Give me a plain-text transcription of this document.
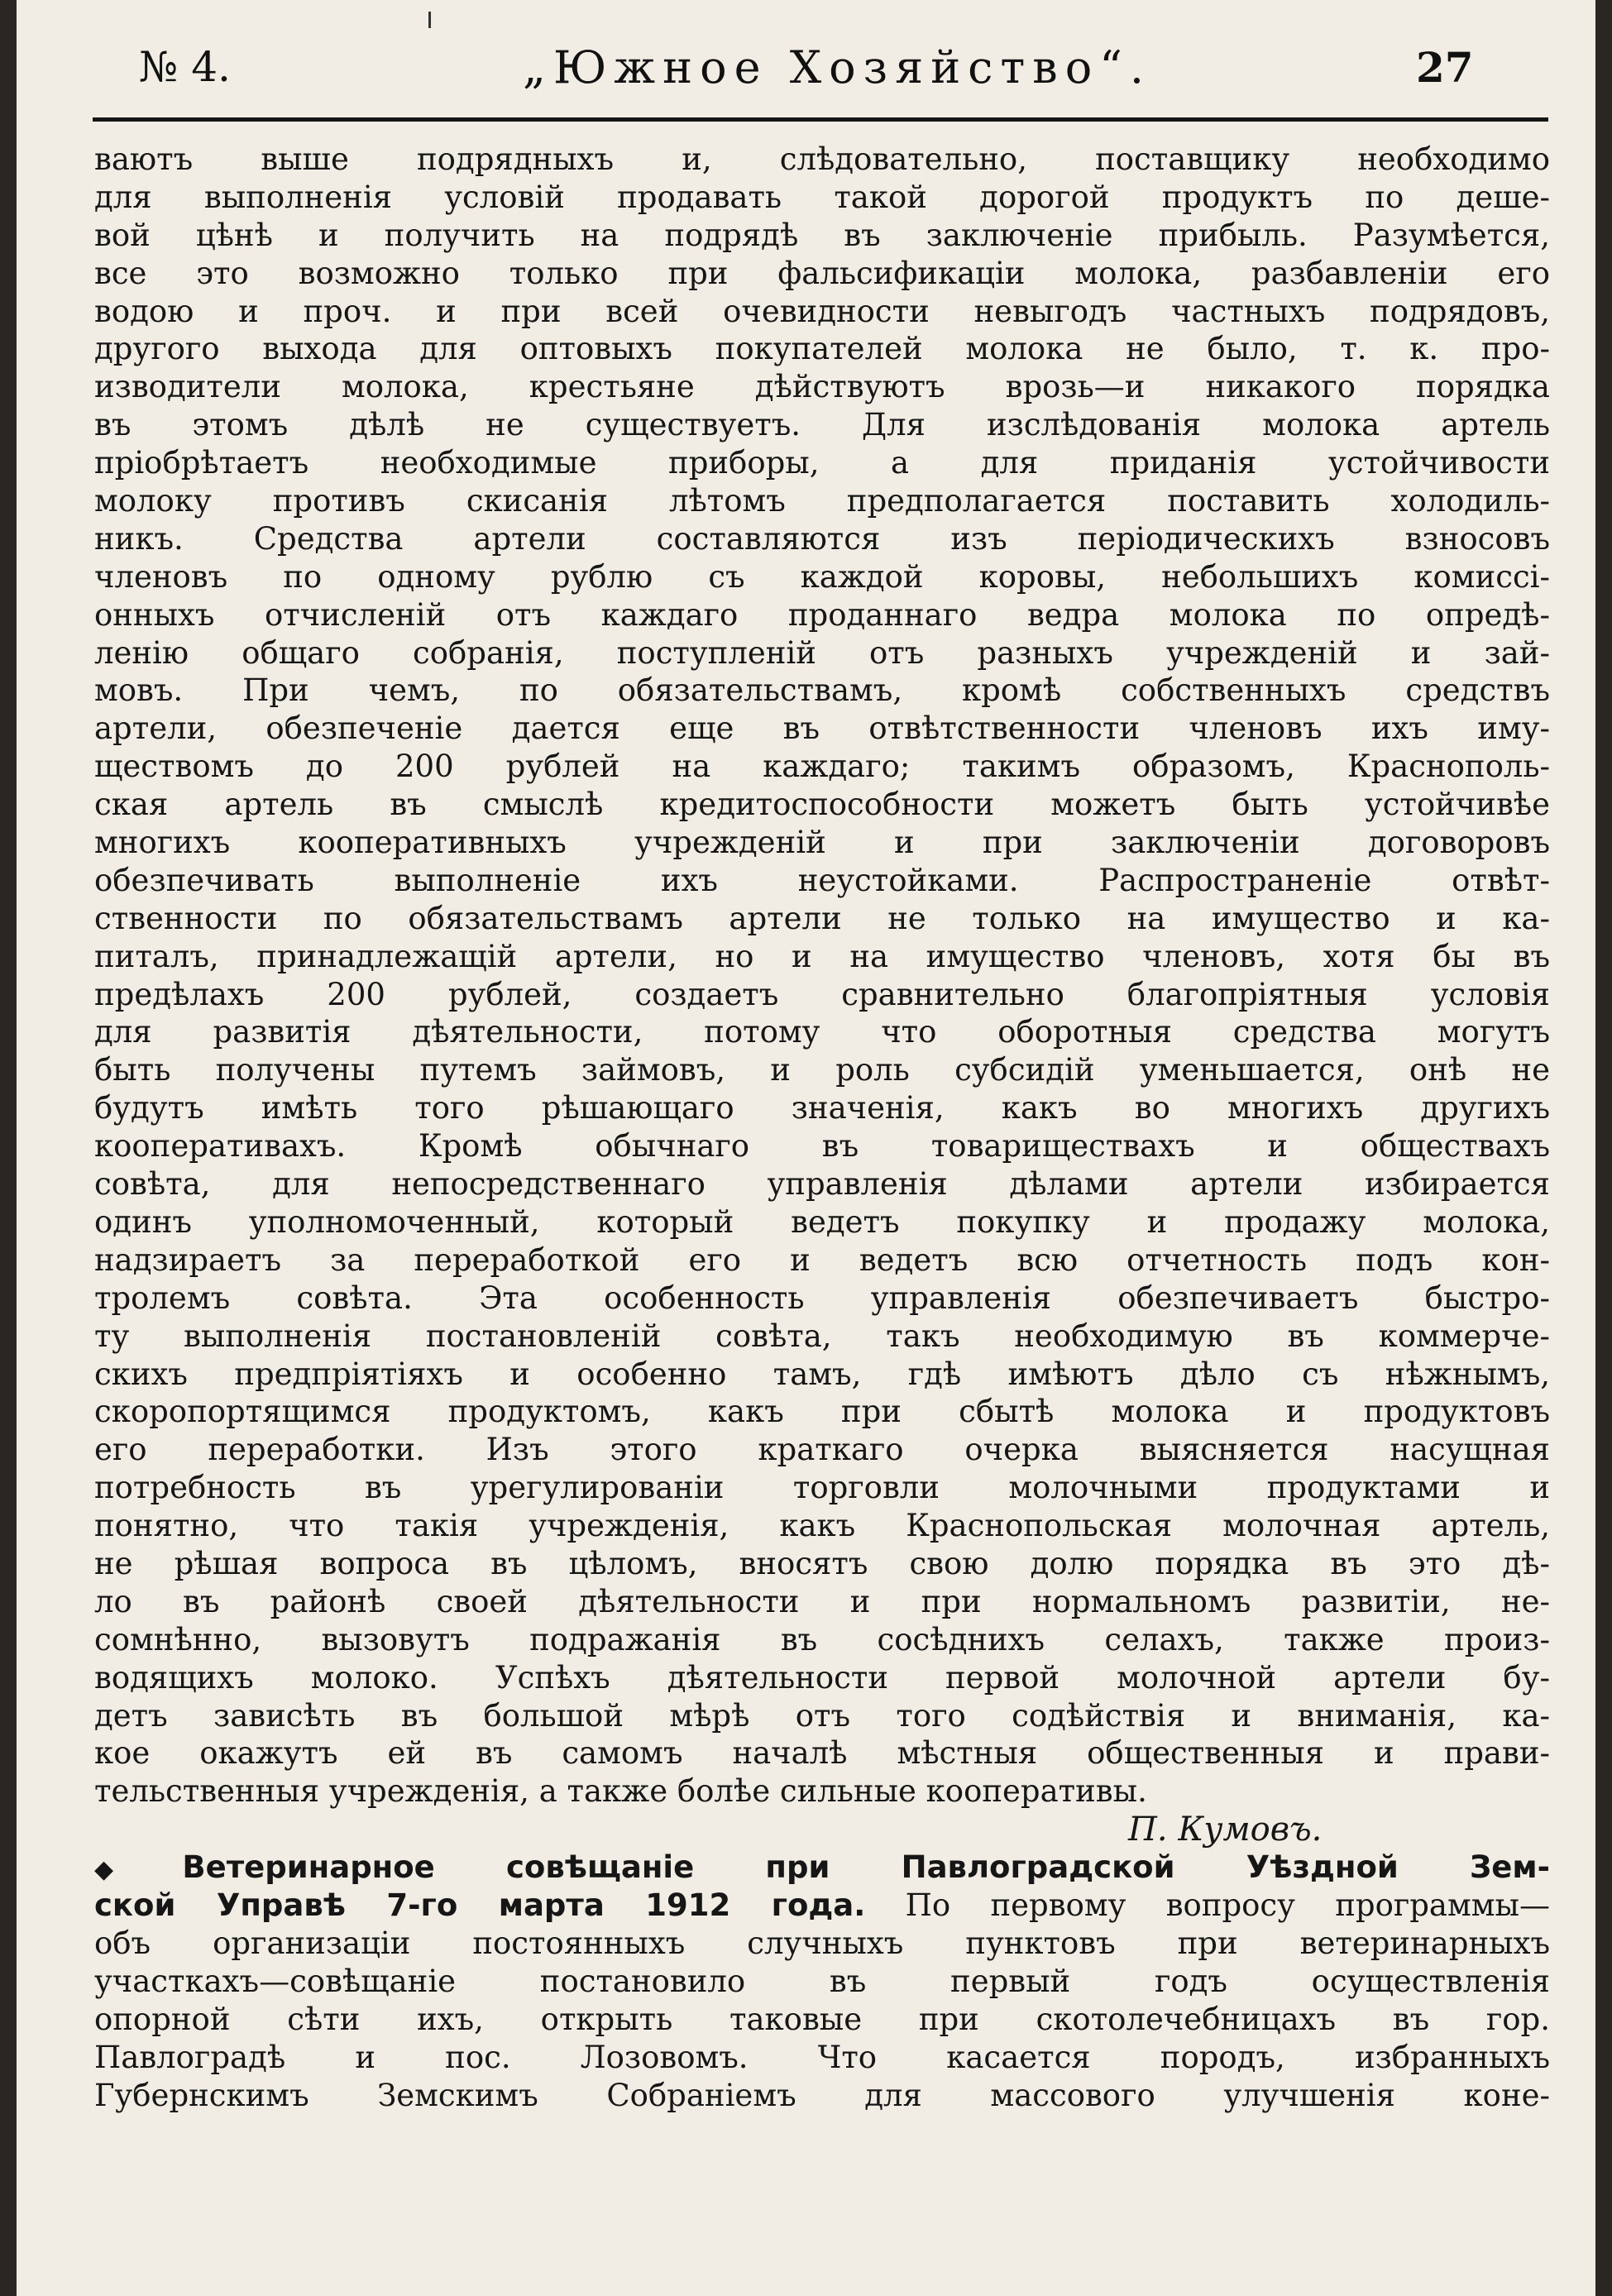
№ 4.	„Южное Хозяйство“.	27
ваютъ выше подрядныхъ и, слѣдовательно, поставщику необходимо
для выполненія условій продавать такой дорогой продуктъ по деше-
вой цѣнѣ и получить на подрядѣ въ заключеніе прибыль. Разумѣется,
все это возможно только при фальсификаціи молока, разбавленіи его
водою и проч. и при всей очевидности невыгодъ частныхъ подрядовъ,
другого выхода для оптовыхъ покупателей молока не было, т. к. про-
изводители молока, крестьяне дѣйствуютъ врозь—и никакого порядка
въ этомъ дѣлѣ не существуетъ. Для изслѣдованія молока артель
пріобрѣтаетъ необходимые приборы, а для приданія устойчивости
молоку противъ скисанія лѣтомъ предполагается поставить холодиль-
никъ. Средства артели составляются изъ періодическихъ взносовъ
членовъ по одному рублю съ каждой коровы, небольшихъ комиссі-
онныхъ отчисленій отъ каждаго проданнаго ведра молока по опредѣ-
ленію общаго собранія, поступленій отъ разныхъ учрежденій и зай-
мовъ. При чемъ, по обязательствамъ, кромѣ собственныхъ средствъ
артели, обезпеченіе дается еще въ отвѣтственности членовъ ихъ иму-
ществомъ до 200 рублей на каждаго; такимъ образомъ, Краснополь-
ская артель въ смыслѣ кредитоспособности можетъ быть устойчивѣе
многихъ кооперативныхъ учрежденій и при заключеніи договоровъ
обезпечивать выполненіе ихъ неустойками. Распространеніе отвѣт-
ственности по обязательствамъ артели не только на имущество и ка-
питалъ, принадлежащій артели, но и на имущество членовъ, хотя бы въ
предѣлахъ 200 рублей, создаетъ сравнительно благопріятныя условія
для развитія дѣятельности, потому что оборотныя средства могутъ
быть получены путемъ займовъ, и роль субсидій уменьшается, онѣ не
будутъ имѣть того рѣшающаго значенія, какъ во многихъ другихъ
кооперативахъ. Кромѣ обычнаго въ товариществахъ и обществахъ
совѣта, для непосредственнаго управленія дѣлами артели избирается
одинъ уполномоченный, который ведетъ покупку и продажу молока,
надзираетъ за переработкой его и ведетъ всю отчетность подъ кон-
тролемъ совѣта. Эта особенность управленія обезпечиваетъ быстро-
ту выполненія постановленій совѣта, такъ необходимую въ коммерче-
скихъ предпріятіяхъ и особенно тамъ, гдѣ имѣютъ дѣло съ нѣжнымъ,
скоропортящимся продуктомъ, какъ при сбытѣ молока и продуктовъ
его переработки. Изъ этого краткаго очерка выясняется насущная
потребность въ урегулированіи торговли молочными продуктами и
понятно, что такія учрежденія, какъ Краснопольская молочная артель,
не рѣшая вопроса въ цѣломъ, вносятъ свою долю порядка въ это дѣ-
ло въ районѣ своей дѣятельности и при нормальномъ развитіи, не-
сомнѣнно, вызовутъ подражанія въ сосѣднихъ селахъ, также произ-
водящихъ молоко. Успѣхъ дѣятельности первой молочной артели бу-
детъ зависѣть въ большой мѣрѣ отъ того содѣйствія и вниманія, ка-
кое окажутъ ей въ самомъ началѣ мѣстныя общественныя и прави-
тельственныя учрежденія, а также болѣе сильные кооперативы.
П. Кумовъ.
◆ Ветеринарное совѣщаніе при Павлоградской Уѣздной Зем-
ской Управѣ 7-го марта 1912 года. По первому вопросу программы—
объ организаціи постоянныхъ случныхъ пунктовъ при ветеринарныхъ
участкахъ—совѣщаніе постановило въ первый годъ осуществленія
опорной сѣти ихъ, открыть таковые при скотолечебницахъ въ гор.
Павлоградѣ и пос. Лозовомъ. Что касается породъ, избранныхъ
Губернскимъ Земскимъ Собраніемъ для массового улучшенія коне-
